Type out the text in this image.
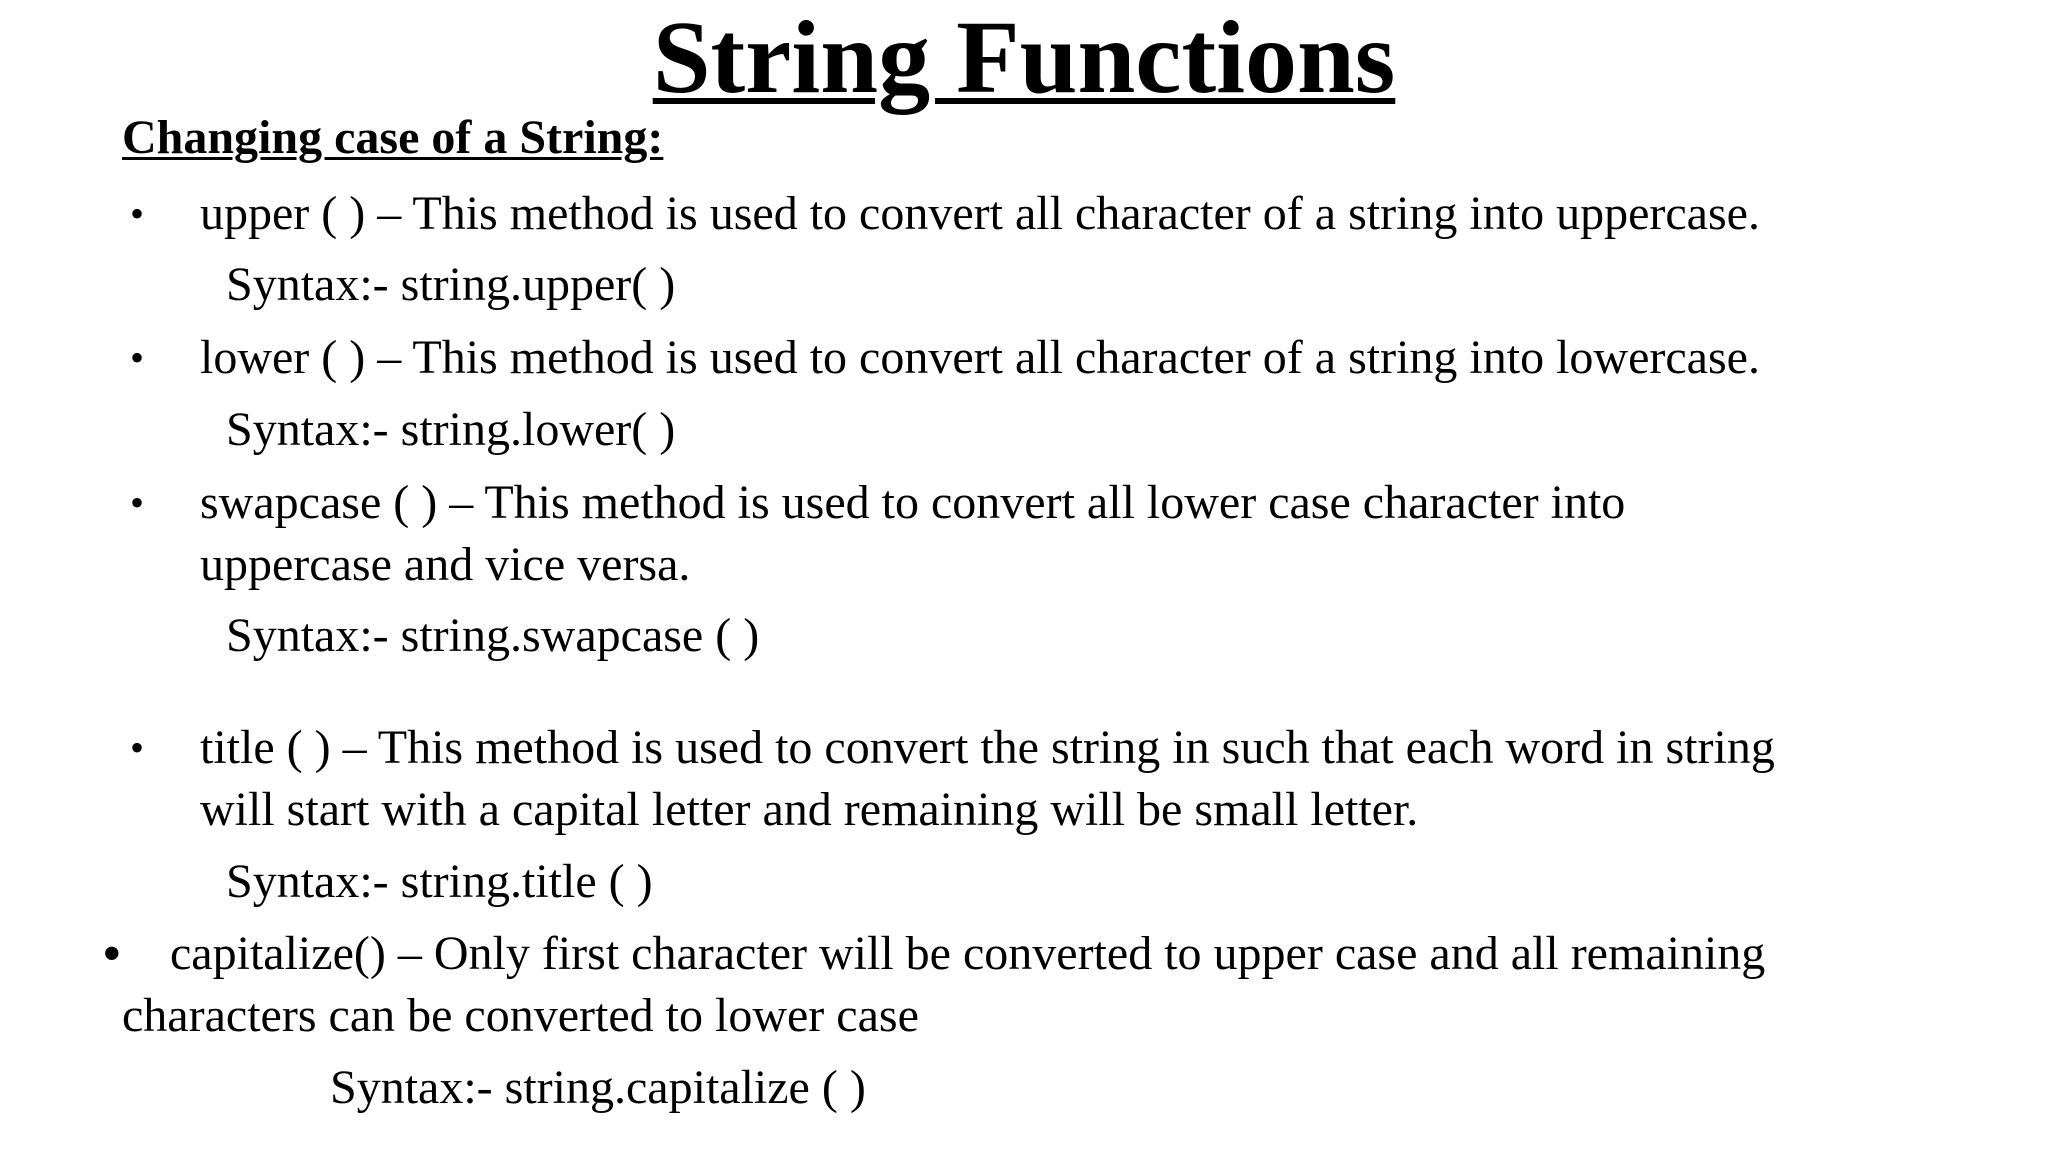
String Functions
Changing case of a String:
• upper ( ) – This method is used to convert all character of a string into uppercase.
Syntax:- string.upper( )
• lower ( ) – This method is used to convert all character of a string into lowercase.
Syntax:- string.lower( )
• swapcase ( ) – This method is used to convert all lower case character into
uppercase and vice versa.
Syntax:- string.swapcase ( )
• title ( ) – This method is used to convert the string in such that each word in string
will start with a capital letter and remaining will be small letter.
Syntax:- string.title ( )
• capitalize() – Only first character will be converted to upper case and all remaining
characters can be converted to lower case
Syntax:- string.capitalize ( )
